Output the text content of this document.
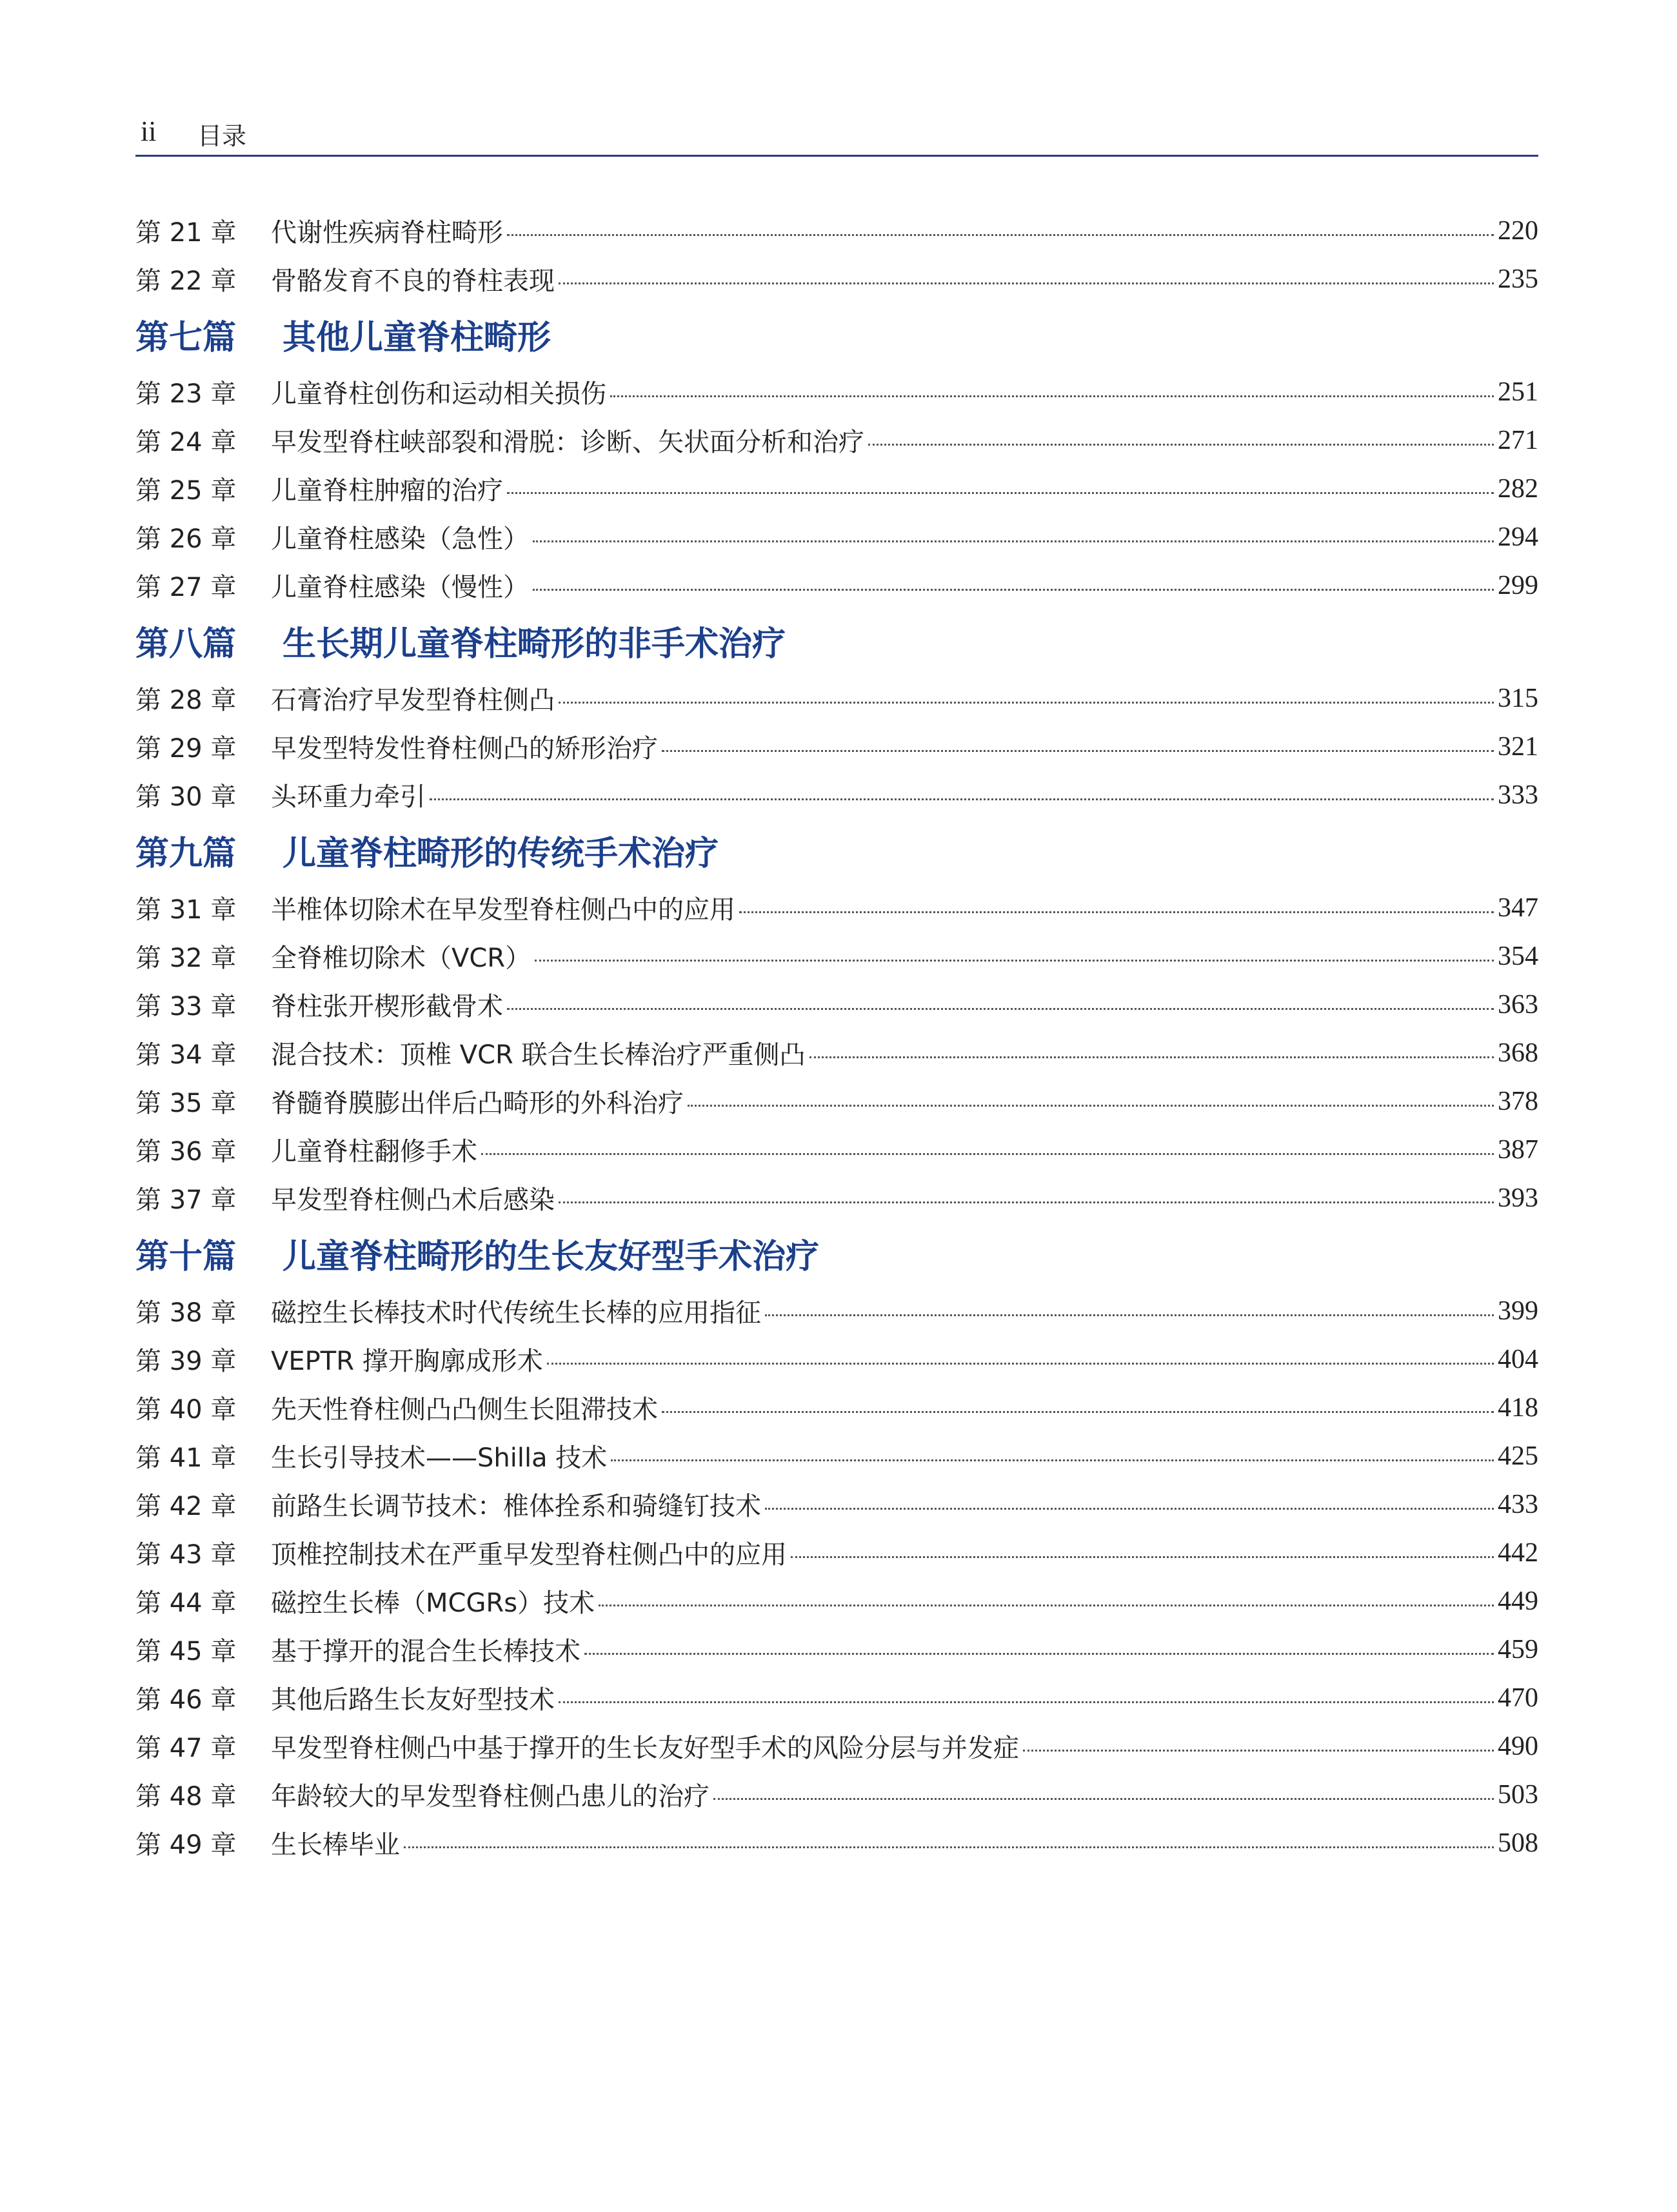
ii 目录
第 21 章	代谢性疾病脊柱畸形	220
第 22 章	骨骼发育不良的脊柱表现	235
第七篇	其他儿童脊柱畸形
第 23 章	儿童脊柱创伤和运动相关损伤	251
第 24 章	早发型脊柱峡部裂和滑脱：诊断、矢状面分析和治疗	271
第 25 章	儿童脊柱肿瘤的治疗	282
第 26 章	儿童脊柱感染（急性）	294
第 27 章	儿童脊柱感染（慢性）	299
第八篇	生长期儿童脊柱畸形的非手术治疗
第 28 章	石膏治疗早发型脊柱侧凸	315
第 29 章	早发型特发性脊柱侧凸的矫形治疗	321
第 30 章	头环重力牵引	333
第九篇	儿童脊柱畸形的传统手术治疗
第 31 章	半椎体切除术在早发型脊柱侧凸中的应用	347
第 32 章	全脊椎切除术（VCR）	354
第 33 章	脊柱张开楔形截骨术	363
第 34 章	混合技术：顶椎 VCR 联合生长棒治疗严重侧凸	368
第 35 章	脊髓脊膜膨出伴后凸畸形的外科治疗	378
第 36 章	儿童脊柱翻修手术	387
第 37 章	早发型脊柱侧凸术后感染	393
第十篇	儿童脊柱畸形的生长友好型手术治疗
第 38 章	磁控生长棒技术时代传统生长棒的应用指征	399
第 39 章	VEPTR 撑开胸廓成形术	404
第 40 章	先天性脊柱侧凸凸侧生长阻滞技术	418
第 41 章	生长引导技术——Shilla 技术	425
第 42 章	前路生长调节技术：椎体拴系和骑缝钉技术	433
第 43 章	顶椎控制技术在严重早发型脊柱侧凸中的应用	442
第 44 章	磁控生长棒（MCGRs）技术	449
第 45 章	基于撑开的混合生长棒技术	459
第 46 章	其他后路生长友好型技术	470
第 47 章	早发型脊柱侧凸中基于撑开的生长友好型手术的风险分层与并发症	490
第 48 章	年龄较大的早发型脊柱侧凸患儿的治疗	503
第 49 章	生长棒毕业	508
